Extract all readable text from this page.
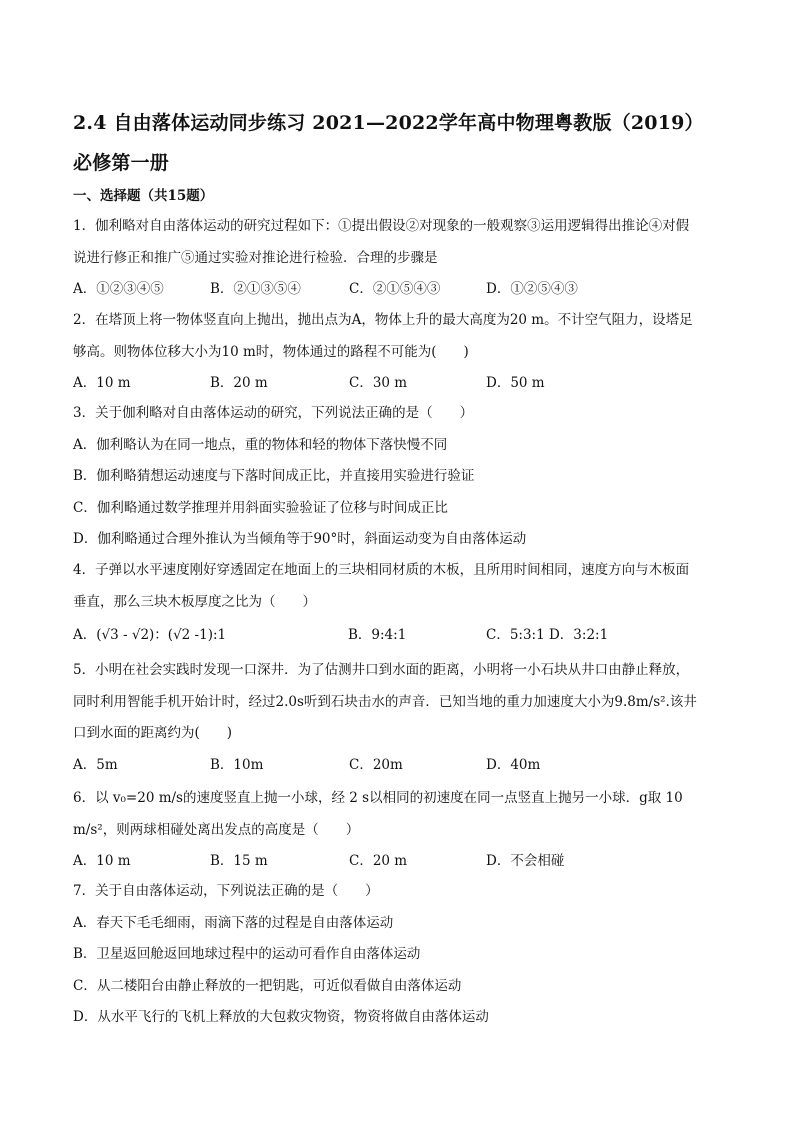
2.4 自由落体运动同步练习 2021—2022学年高中物理粤教版（2019）
必修第一册
一、选择题（共15题）
1．伽利略对自由落体运动的研究过程如下：①提出假设②对现象的一般观察③运用逻辑得出推论④对假
说进行修正和推广⑤通过实验对推论进行检验．合理的步骤是
A．①②③④⑤	B．②①③⑤④	C．②①⑤④③	D．①②⑤④③
2．在塔顶上将一物体竖直向上抛出，抛出点为A，物体上升的最大高度为20 m。不计空气阻力，设塔足
够高。则物体位移大小为10 m时，物体通过的路程不可能为(　　)
A．10 m	B．20 m	C．30 m	D．50 m
3．关于伽利略对自由落体运动的研究，下列说法正确的是（　　）
A．伽利略认为在同一地点，重的物体和轻的物体下落快慢不同
B．伽利略猜想运动速度与下落时间成正比，并直接用实验进行验证
C．伽利略通过数学推理并用斜面实验验证了位移与时间成正比
D．伽利略通过合理外推认为当倾角等于90°时，斜面运动变为自由落体运动
4．子弹以水平速度刚好穿透固定在地面上的三块相同材质的木板，且所用时间相同，速度方向与木板面
垂直，那么三块木板厚度之比为（　　）
A．(√3 - √2)：(√2 -1):1	B．9:4:1	C．5:3:1 D．3:2:1
5．小明在社会实践时发现一口深井．为了估测井口到水面的距离，小明将一小石块从井口由静止释放，
同时利用智能手机开始计时，经过2.0s听到石块击水的声音．已知当地的重力加速度大小为9.8m/s².该井
口到水面的距离约为(　　)
A．5m	B．10m	C．20m	D．40m
6．以 v₀=20 m/s的速度竖直上抛一小球，经 2 s以相同的初速度在同一点竖直上抛另一小球．g取 10
m/s²，则两球相碰处离出发点的高度是（　　）
A．10 m	B．15 m	C．20 m	D．不会相碰
7．关于自由落体运动，下列说法正确的是（　　）
A．春天下毛毛细雨，雨滴下落的过程是自由落体运动
B．卫星返回舱返回地球过程中的运动可看作自由落体运动
C．从二楼阳台由静止释放的一把钥匙，可近似看做自由落体运动
D．从水平飞行的飞机上释放的大包救灾物资，物资将做自由落体运动
